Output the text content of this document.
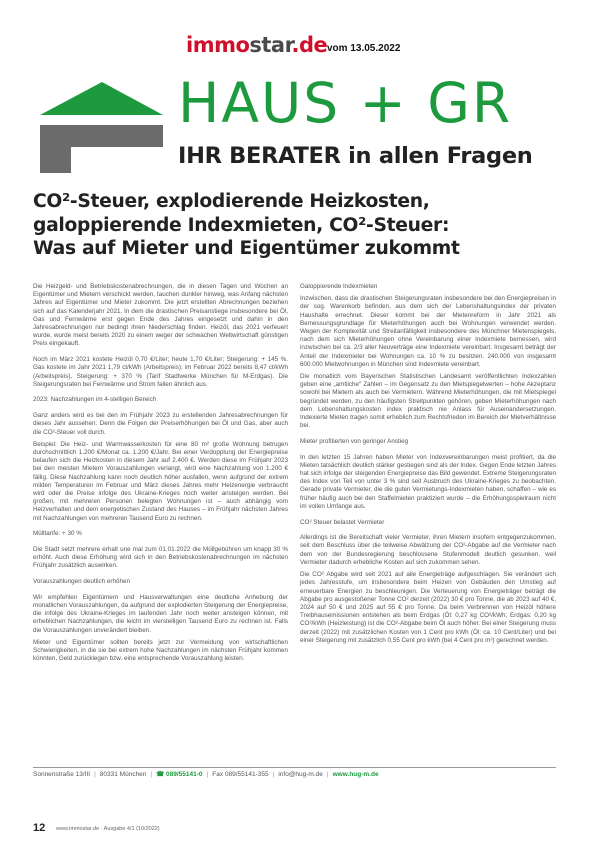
immostar.de vom 13.05.2022
HAUS + GR
IHR BERATER in allen Fragen
CO²-Steuer, explodierende Heizkosten,
galoppierende Indexmieten, CO²-Steuer:
Was auf Mieter und Eigentümer zukommt

Die Heizgeld- und Betriebskostenabrechnungen, die in diesen Tagen und Wochen an Eigentümer und Mietern verschickt werden, tauchen dunkler hinweg, was Anfang nächsten Jahres auf Eigentümer und Mieter zukommt. Die jetzt erstellten Abrechnungen beziehen sich auf das Kalenderjahr 2021. In dem die drastischen Preisanstiege insbesondere bei Öl, Gas und Fernwärme erst gegen Ende des Jahres eingesetzt und dahin in den Jahresabrechnungen nur bedingt ihren Niederschlag finden. Heizöl, das 2021 verfeuert wurde, wurde meist bereits 2020 zu einem weger der schwachen Weltwirtschaft günstigen Preis eingekauft.

Noch im März 2021 kostete Heizöl 0,70 €/Liter; heute 1,70 €/Liter; Steigerung: + 145 %. Gas kostete im Jahr 2021 1,79 ct/kWh (Arbeitspreis); im Februar 2022 bereits 8,47 ct/kWh (Arbeitspreis), Steigerung: + 370 % (Tarif Stadtwerke München für M-Erdgas). Die Steigerungsraten bei Fernwärme und Strom fallen ähnlich aus.

2023: Nachzahlungen im 4-stelligen Bereich

Ganz anders wird es bei den im Frühjahr 2023 zu erstellenden Jahresabrechnungen für dieses Jahr aussehen. Denn die Folgen der Preiserhöhungen bei Öl und Gas, aber auch die CO²-Steuer voll durch.

Beispiel: Die Heiz- und Warmwasserkosten für eine 80 m² große Wohnung betrugen durchschnittlich 1.200 €/Monat ca. 1.200 €/Jahr. Bei einer Verdopplung der Energiepreise belaufen sich die Heizkosten in diesem Jahr auf 2.400 €. Werden diese im Frühjahr 2023 bei den meisten Mietern Vorauszahlungen verlangt, wird eine Nachzahlung von 1.200 € fällig. Diese Nachzahlung kann noch deutlich höher ausfallen, wenn aufgrund der extrem milden Temperaturen im Februar und März dieses Jahres mehr Heizenergie verbraucht wird oder die Preise infolge des Ukraine-Krieges noch weiter ansteigen werden. Bei großen, mit mehreren Personen belegten Wohnungen ist – auch abhängig vom Heizverhalten und dem energetischen Zustand des Hauses – im Frühjahr nächsten Jahres mit Nachzahlungen von mehreren Tausend Euro zu rechnen.

Mülltarife: + 30 %

Die Stadt setzt mehrere erhalt une mal zum 01.01.2022 die Müllgebühren um knapp 30 % erhöht. Auch diese Erhöhung wird sich in den Betriebskostenabrechnungen im nächsten Frühjahr zusätzlich auswirken.

Vorauszahlungen deutlich erhöhen

Wir empfehlen Eigentümern und Hausverwaltungen eine deutliche Anhebung der monatlichen Vorauszahlungen, da aufgrund der explodierten Steigerung der Energiepreise, die infolge des Ukraine-Krieges im laufenden Jahr noch weiter ansteigen können, mit erheblichen Nachzahlungen, die leicht im vierstelligen Tausend Euro zu rechnen ist. Falls die Vorauszahlungen unverändert bleiben.

Mieter und Eigentümer sollten bereits jetzt zur Vermeidung von wirtschaftlichen Schwierigkeiten, in die sie bei extrem hohe Nachzahlungen im nächsten Frühjahr kommen könnten, Geld zurücklegen bzw. eine entsprechende Vorauszahlung leisten.

Galoppierende Indexmieten

Inzwischen, dass die drastischen Steigerungsraten insbesondere bei den Energiepreisen in der sog. Warenkorb befinden, aus dem sich der Lebenshaltungsindex der privaten Haushalte errechnet. Dieser kommt bei der Mietenreform in Jahr 2021 als Bemessungsgrundlage für Mieterhöhungen auch bei Wohnungen verwendet werden. Wegen der Komplexität und Streitanfälligkeit insbesondere des Münchner Mietenspiegels, nach dem sich Mieterhöhungen ohne Vereinbarung einer Indexmiete bemessen, wird inzwischen bei ca. 2/3 aller Neuverträge eine Indexmiete vereinbart. Insgesamt beträgt der Anteil der Indexmieter bei Wohnungen ca. 10 % zu besitzen. 240.000 von insgesamt 600.000 Mietwohnungen in München sind Indexmiete vereinbart.

Die monatlich vom Bayerischen Statistischen Landesamt veröffentlichten Indexzahlen geben eine „amtliche“ Zahlen – im Gegensatz zu den Mietspiegelwerten – hohe Akzeptanz sowohl bei Mietern als auch bei Vermietern. Während Mieterhöhungen, die mit Mietspiegel begründet werden, zu den häufigsten Streitpunkten gehören, geben Mieterhöhungen nach dem Lebenshaltungskosten index praktisch nie Anlass für Auseinandersetzungen. Indexierte Mieten tragen somit erheblich zum Rechtsfrieden im Bereich der Mietverhältnisse bei.

Mieter profitierten von geringer Anstieg

In den letzten 15 Jahren haben Mieter von Indexvereinbarungen meist profitiert, da die Mieten tatsächlich deutlich stärker gestiegen sind als der Index. Gegen Ende letzten Jahres hat sich infolge der steigenden Energiepreise das Bild gewendet. Extreme Steigerungsraten des Index von Teil von unter 3 % sind seit Ausbruch des Ukraine-Krieges zu beobachten. Gerade private Vermieter, die die guten Vermietungs-Indexmieten haben, schaffen – wie es früher häufig auch bei den Staffelmieten praktiziert wurde – die Erhöhungsspielraum nicht im vollen Umfange aus.

CO² Steuer belastet Vermieter

Allerdings ist die Bereitschaft vieler Vermieter, ihren Mietern insofern entgegenzukommen, seit dem Beschluss über die teilweise Abwälzung der CO²-Abgabe auf die Vermieter nach dem von der Bundesregierung beschlossene Stufenmodell deutlich gesunken, weil Vermieter dadurch erhebliche Kosten auf sich zukommen sehen.

Die CO² Abgabe wird seit 2021 auf alle Energieträge aufgeschlagen. Sie verändert sich jedes Jahresstufe, um insbesondere beim Heizen von Gebäuden den Umstieg auf erneuerbare Energien zu beschleunigen. Die Verteuerung von Energieträger beträgt die Abgabe pro ausgestoßener Tonne CO² derzeit (2022) 30 € pro Tonne, die ab 2023 auf 40 €, 2024 auf 50 € und 2025 auf 55 € pro Tonne. Da beim Verbrennen von Heizöl höhere Treibhausemissionen entstehen als beim Erdgas (Öl: 0,27 kg CO²/kWh; Erdgas: 0,20 kg CO²/kWh (Heizleistung) ist die CO²-Abgabe beim Öl auch höher. Bei einer Steigerung muss derzeit (2022) mit zusätzlichen Kosten von 1 Cent pro kWh (Öl: ca. 10 Cent/Liter) und bei einer Steigerung mit zusätzlich 0,55 Cent pro kWh (bei 4 Cent pro m³) gerechnet werden.

Sonnenstraße 13/III | 80331 München | ☎ 089/55141-0 | Fax 089/55141-355 | info@hug-m.de | www.hug-m.de
12 www.immostar.de · Ausgabe 4/1 (10/2022)
